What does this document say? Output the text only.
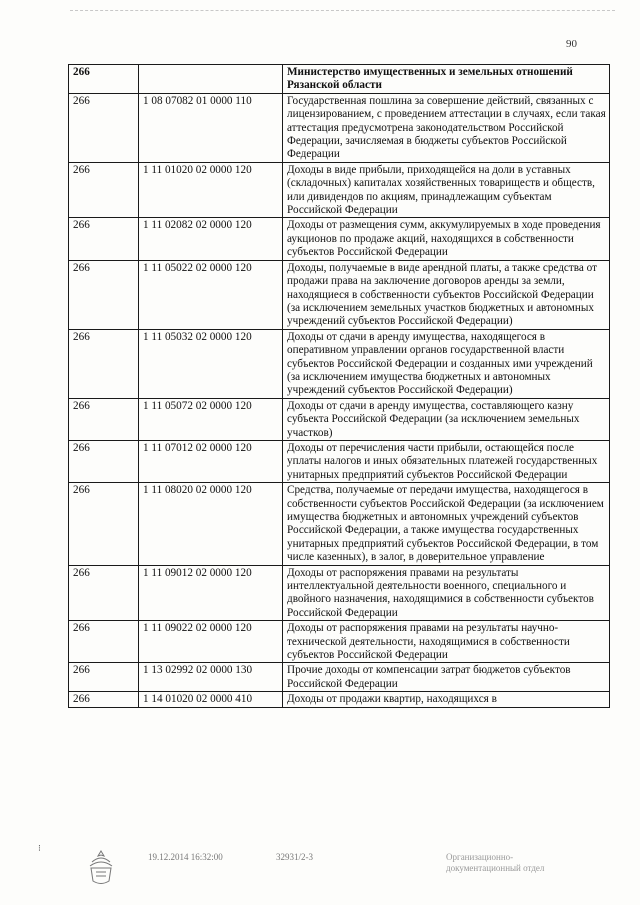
90
266		Министерство имущественных и земельных отношений Рязанской области
266	1 08 07082 01 0000 110	Государственная пошлина за совершение действий, связанных с лицензированием, с проведением аттестации в случаях, если такая аттестация предусмотрена законодательством Российской Федерации, зачисляемая в бюджеты субъектов Российской Федерации
266	1 11 01020 02 0000 120	Доходы в виде прибыли, приходящейся на доли в уставных (складочных) капиталах хозяйственных товариществ и обществ, или дивидендов по акциям, принадлежащим субъектам Российской Федерации
266	1 11 02082 02 0000 120	Доходы от размещения сумм, аккумулируемых в ходе проведения аукционов по продаже акций, находящихся в собственности субъектов Российской Федерации
266	1 11 05022 02 0000 120	Доходы, получаемые в виде арендной платы, а также средства от продажи права на заключение договоров аренды за земли, находящиеся в собственности субъектов Российской Федерации (за исключением земельных участков бюджетных и автономных учреждений субъектов Российской Федерации)
266	1 11 05032 02 0000 120	Доходы от сдачи в аренду имущества, находящегося в оперативном управлении органов государственной власти субъектов Российской Федерации и созданных ими учреждений (за исключением имущества бюджетных и автономных учреждений субъектов Российской Федерации)
266	1 11 05072 02 0000 120	Доходы от сдачи в аренду имущества, составляющего казну субъекта Российской Федерации (за исключением земельных участков)
266	1 11 07012 02 0000 120	Доходы от перечисления части прибыли, остающейся после уплаты налогов и иных обязательных платежей государственных унитарных предприятий субъектов Российской Федерации
266	1 11 08020 02 0000 120	Средства, получаемые от передачи имущества, находящегося в собственности субъектов Российской Федерации (за исключением имущества бюджетных и автономных учреждений субъектов Российской Федерации, а также имущества государственных унитарных предприятий субъектов Российской Федерации, в том числе казенных), в залог, в доверительное управление
266	1 11 09012 02 0000 120	Доходы от распоряжения правами на результаты интеллектуальной деятельности военного, специального и двойного назначения, находящимися в собственности субъектов Российской Федерации
266	1 11 09022 02 0000 120	Доходы от распоряжения правами на результаты научно-технической деятельности, находящимися в собственности субъектов Российской Федерации
266	1 13 02992 02 0000 130	Прочие доходы от компенсации затрат бюджетов субъектов Российской Федерации
266	1 14 01020 02 0000 410	Доходы от продажи квартир, находящихся в
⁝
19.12.2014 16:32:00	32931/2-3	Организационно-документационный отдел
